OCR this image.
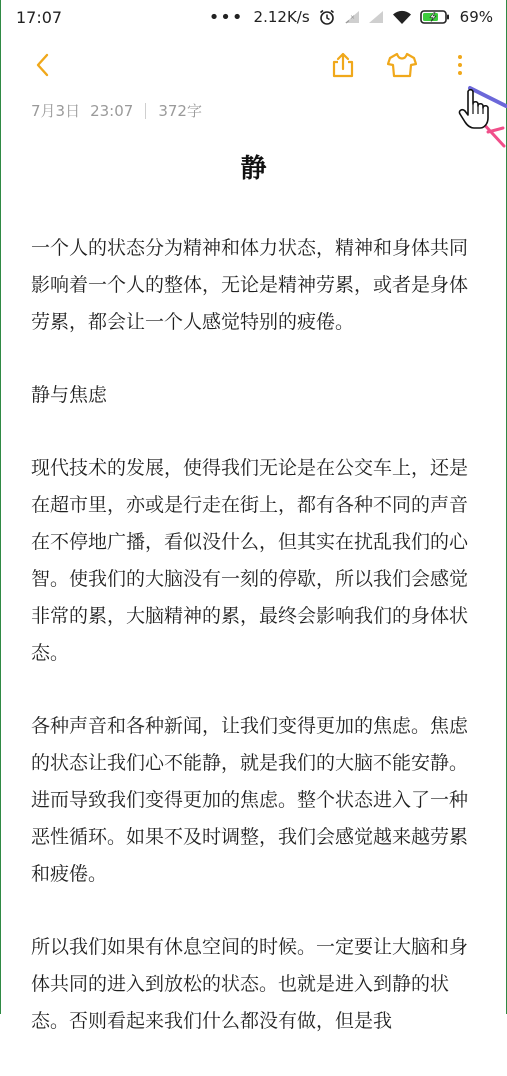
17:07	••• 2.12K/s	×	69%
7月3日 23:07 372字
静

一个人的状态分为精神和体力状态，精神和身体共同影响着一个人的整体，无论是精神劳累，或者是身体劳累，都会让一个人感觉特别的疲倦。

静与焦虑

现代技术的发展，使得我们无论是在公交车上，还是在超市里，亦或是行走在街上，都有各种不同的声音在不停地广播，看似没什么，但其实在扰乱我们的心智。使我们的大脑没有一刻的停歇，所以我们会感觉非常的累，大脑精神的累，最终会影响我们的身体状态。

各种声音和各种新闻，让我们变得更加的焦虑。焦虑的状态让我们心不能静，就是我们的大脑不能安静。进而导致我们变得更加的焦虑。整个状态进入了一种恶性循环。如果不及时调整，我们会感觉越来越劳累和疲倦。

所以我们如果有休息空间的时候。一定要让大脑和身体共同的进入到放松的状态。也就是进入到静的状态。否则看起来我们什么都没有做，但是我
